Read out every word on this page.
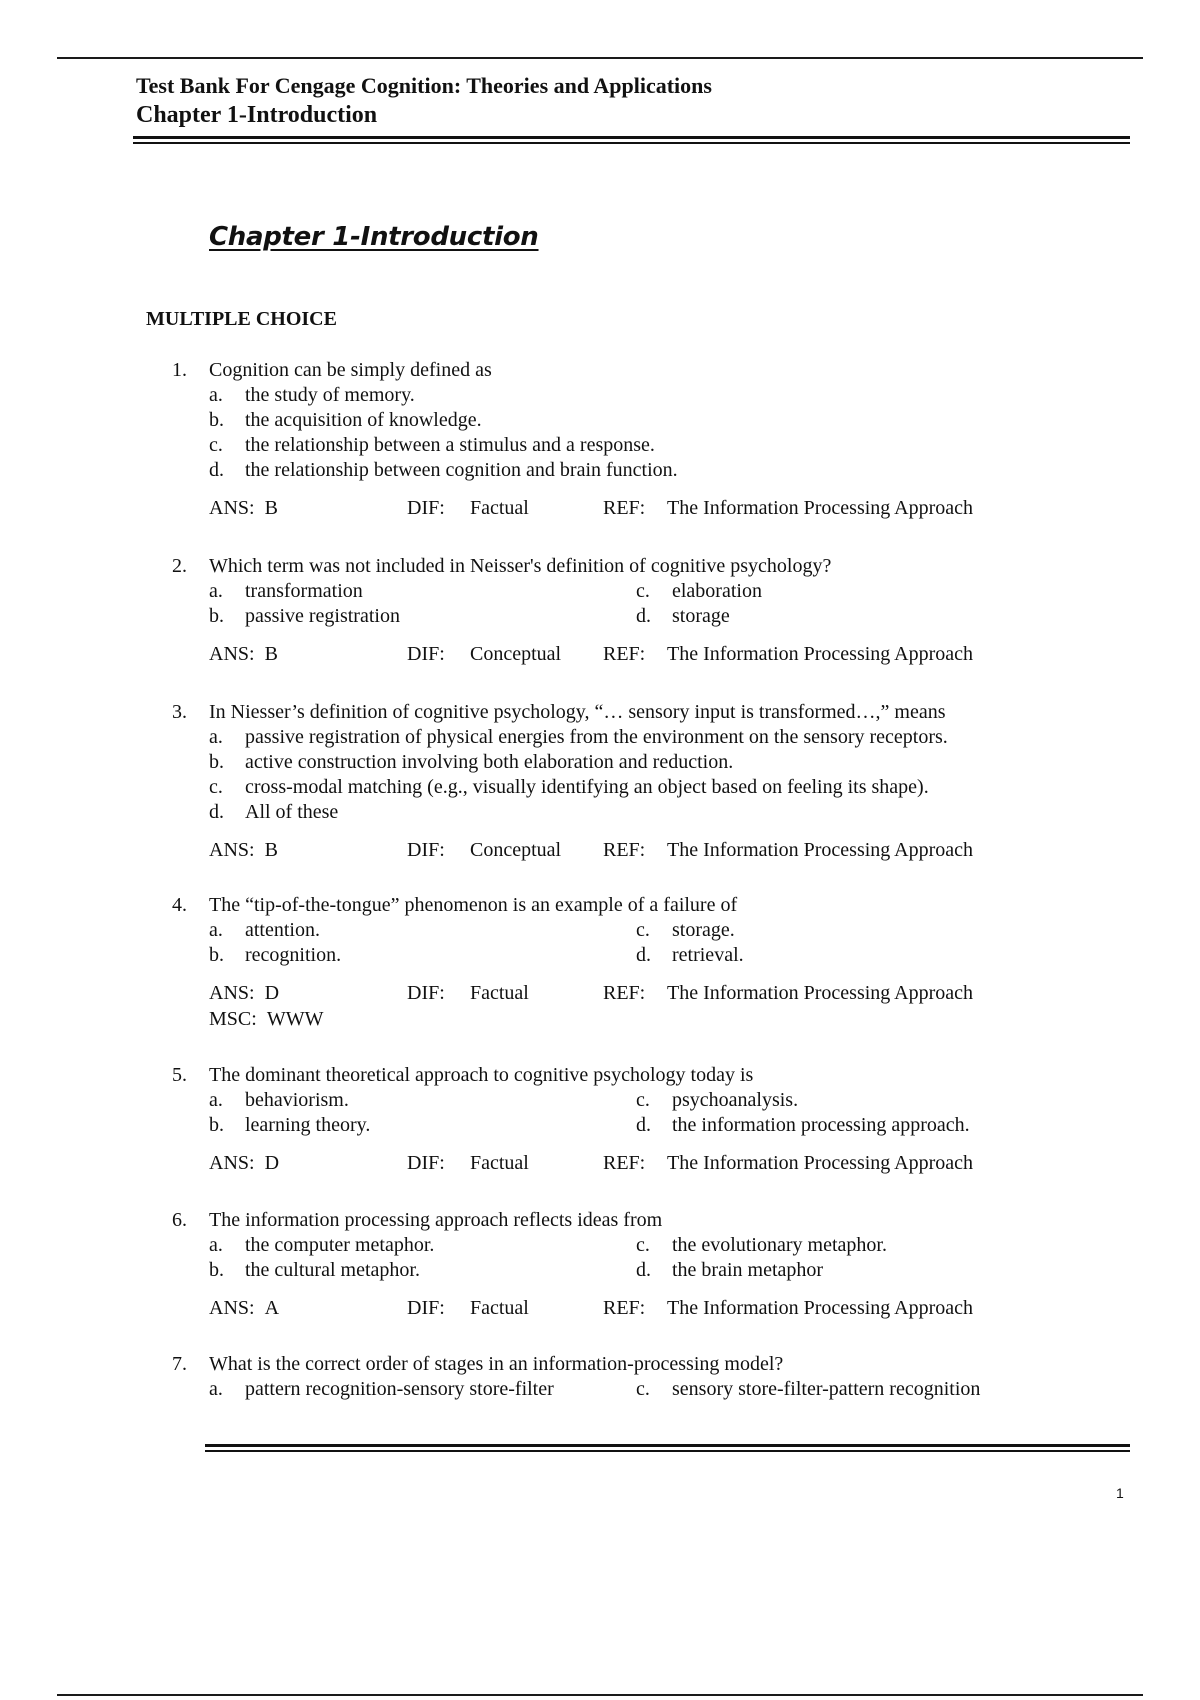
Test Bank For Cengage Cognition: Theories and Applications
Chapter 1-Introduction
Chapter 1-Introduction
MULTIPLE CHOICE
1. Cognition can be simply defined as
a.	the study of memory.
b.	the acquisition of knowledge.
c.	the relationship between a stimulus and a response.
d.	the relationship between cognition and brain function.
ANS: B	DIF: Factual	REF: The Information Processing Approach
2. Which term was not included in Neisser's definition of cognitive psychology?
a.	transformation	c.	elaboration
b.	passive registration	d.	storage
ANS: B	DIF: Conceptual REF: The Information Processing Approach
3. In Niesser’s definition of cognitive psychology, “… sensory input is transformed…,” means
a.	passive registration of physical energies from the environment on the sensory receptors.
b.	active construction involving both elaboration and reduction.
c.	cross-modal matching (e.g., visually identifying an object based on feeling its shape).
d.	All of these
ANS: B	DIF: Conceptual REF: The Information Processing Approach
4. The “tip-of-the-tongue” phenomenon is an example of a failure of
a.	attention.	c.	storage.
b.	recognition.	d.	retrieval.
ANS: D	DIF: Factual	REF: The Information Processing Approach
MSC: WWW
5. The dominant theoretical approach to cognitive psychology today is
a.	behaviorism.	c.	psychoanalysis.
b.	learning theory.	d.	the information processing approach.
ANS: D	DIF: Factual	REF: The Information Processing Approach
6. The information processing approach reflects ideas from
a.	the computer metaphor.	c.	the evolutionary metaphor.
b.	the cultural metaphor.	d.	the brain metaphor
ANS: A	DIF: Factual	REF: The Information Processing Approach
7. What is the correct order of stages in an information-processing model?
a.	pattern recognition-sensory store-filter	c.	sensory store-filter-pattern recognition
1
